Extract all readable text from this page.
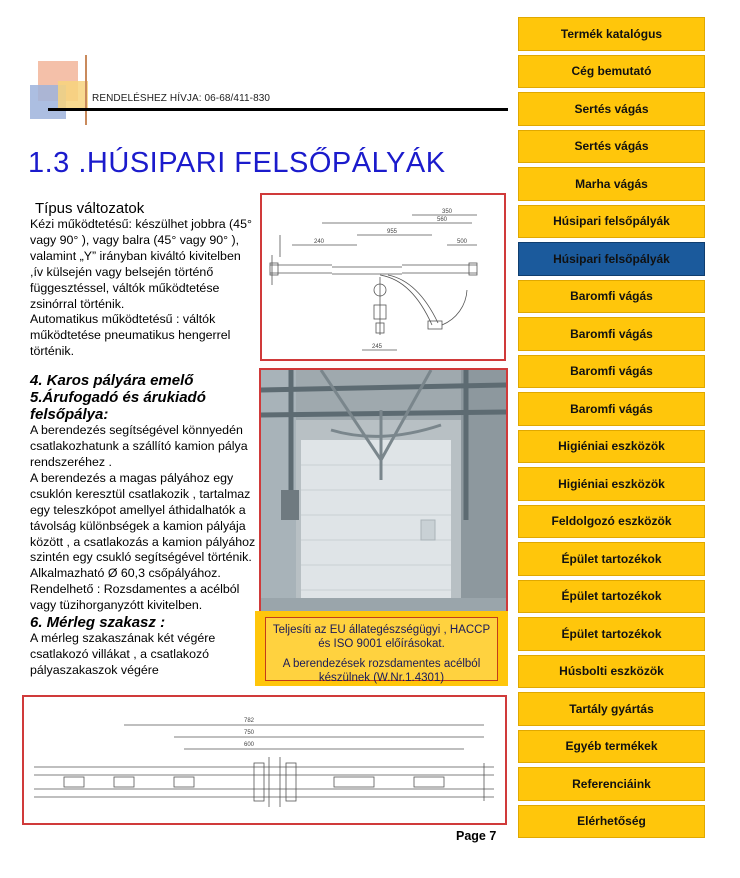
RENDELÉSHEZ HÍVJA: 06-68/411-830
1.3 .HÚSIPARI FELSŐPÁLYÁK

Típus változatok

Kézi működtetésű: készülhet jobbra (45° vagy 90° ), vagy balra (45° vagy 90° ), valamint „Y” irányban kiváltó kivitelben ,ív külsején vagy belsején történő függesztéssel, váltók működtetése zsinórral történik.

Automatikus működtetésű : váltók működtetése pneumatikus hengerrel történik.

4. Karos pályára emelő

5.Árufogadó és árukiadó felsőpálya:

A berendezés segítségével könnyedén csatlakozhatunk a szállító kamion pálya rendszeréhez .

A berendezés a magas pályához egy csuklón keresztül csatlakozik , tartalmaz egy teleszkópot amellyel áthidalhatók a távolság különbségek a kamion pályája között , a csatlakozás a kamion pályához szintén egy csukló segítségével történik.

Alkalmazható Ø 60,3 csőpályához.

Rendelhető : Rozsdamentes a acélból vagy tüzihorganyzótt kivitelben.

6. Mérleg szakasz :

A mérleg szakaszának két végére csatlakozó villákat , a csatlakozó pályaszakaszok végére

240
955
560
350
500
245

Teljesíti az EU állategészségügyi , HACCP és ISO 9001 előírásokat.

A berendezések rozsdamentes acélból készülnek (W.Nr.1.4301)

782
750
600
Page 7
Termék katalógus
Cég bemutató
Sertés vágás
Sertés vágás
Marha vágás
Húsipari felsőpályák
Húsipari felsőpályák
Baromfi vágás
Baromfi vágás
Baromfi vágás
Baromfi vágás
Higiéniai eszközök
Higiéniai eszközök
Feldolgozó eszközök
Épület tartozékok
Épület tartozékok
Épület tartozékok
Húsbolti eszközök
Tartály gyártás
Egyéb termékek
Referenciáink
Elérhetőség
